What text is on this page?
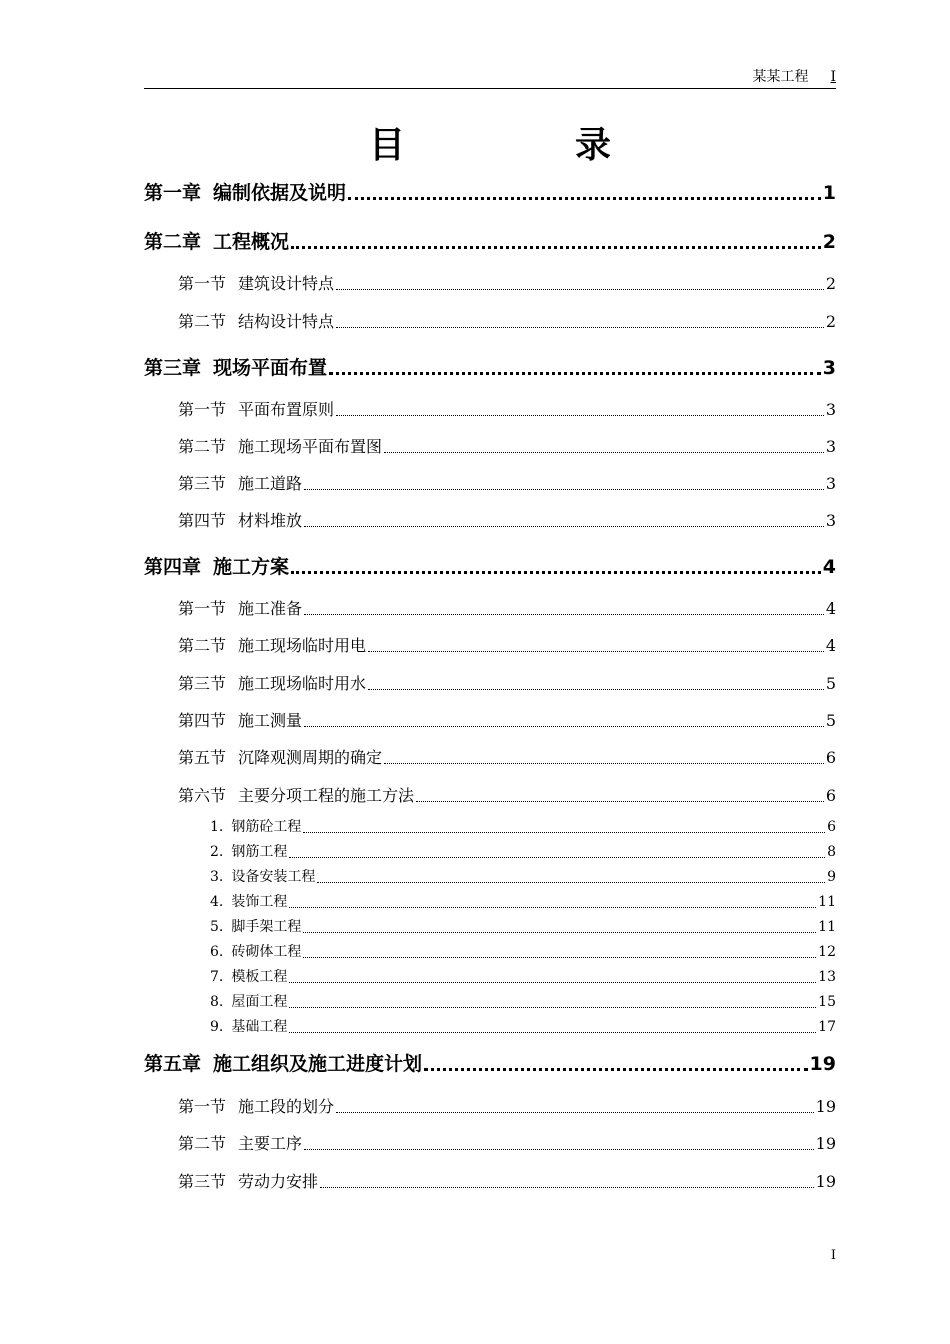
某某工程 I
目录
第一章 编制依据及说明	1
第二章 工程概况	2
第一节 建筑设计特点	2
第二节 结构设计特点	2
第三章 现场平面布置	3
第一节 平面布置原则	3
第二节 施工现场平面布置图	3
第三节 施工道路	3
第四节 材料堆放	3
第四章 施工方案	4
第一节 施工准备	4
第二节 施工现场临时用电	4
第三节 施工现场临时用水	5
第四节 施工测量	5
第五节 沉降观测周期的确定	6
第六节 主要分项工程的施工方法	6
1. 钢筋砼工程	6
2. 钢筋工程	8
3. 设备安装工程	9
4. 装饰工程	11
5. 脚手架工程	11
6. 砖砌体工程	12
7. 模板工程	13
8. 屋面工程	15
9. 基础工程	17
第五章 施工组织及施工进度计划	19
第一节 施工段的划分	19
第二节 主要工序	19
第三节 劳动力安排	19
I
